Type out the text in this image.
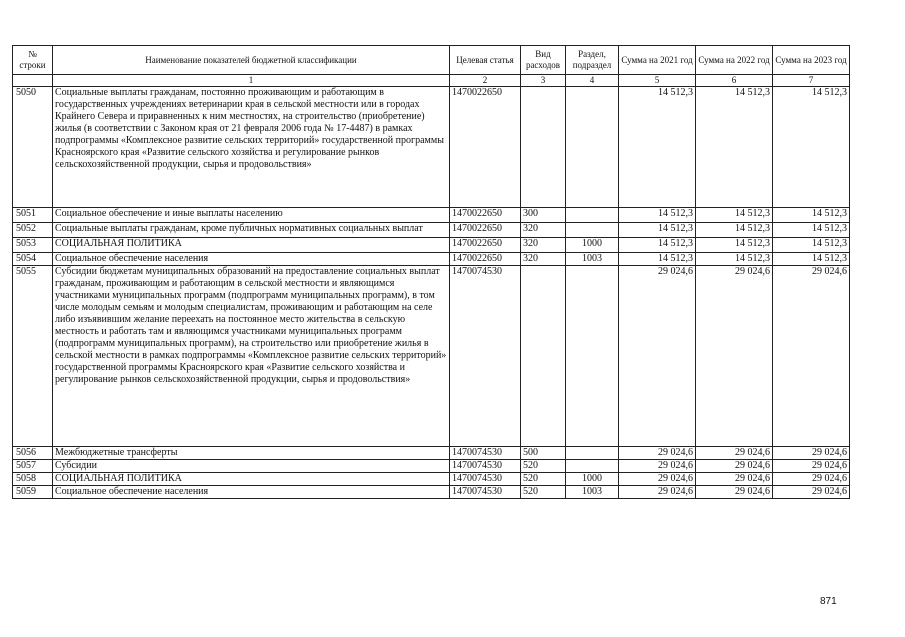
№ строки	Наименование показателей бюджетной классификации	Целевая статья	Вид расходов	Раздел, подраздел	Сумма на 2021 год	Сумма на 2022 год	Сумма на 2023 год
	1	2	3	4	5	6	7
5050	Социальные выплаты гражданам, постоянно проживающим и работающим в государственных учреждениях ветеринарии края в сельской местности или в городах Крайнего Севера и приравненных к ним местностях, на строительство (приобретение) жилья (в соответствии с Законом края от 21 февраля 2006 года № 17-4487) в рамках подпрограммы «Комплексное развитие сельских территорий» государственной программы Красноярского края «Развитие сельского хозяйства и регулирование рынков сельскохозяйственной продукции, сырья и продовольствия»	1470022650			14 512,3	14 512,3	14 512,3
5051	Социальное обеспечение и иные выплаты населению	1470022650	300		14 512,3	14 512,3	14 512,3
5052	Социальные выплаты гражданам, кроме публичных нормативных социальных выплат	1470022650	320		14 512,3	14 512,3	14 512,3
5053	СОЦИАЛЬНАЯ ПОЛИТИКА	1470022650	320	1000	14 512,3	14 512,3	14 512,3
5054	Социальное обеспечение населения	1470022650	320	1003	14 512,3	14 512,3	14 512,3
5055	Субсидии бюджетам муниципальных образований на предоставление социальных выплат гражданам, проживающим и работающим в сельской местности и являющимся участниками муниципальных программ (подпрограмм муниципальных программ), в том числе молодым семьям и молодым специалистам, проживающим и работающим на селе либо изъявившим желание переехать на постоянное место жительства в сельскую местность и работать там и являющимся участниками муниципальных программ (подпрограмм муниципальных программ), на строительство или приобретение жилья в сельской местности в рамках подпрограммы «Комплексное развитие сельских территорий» государственной программы Красноярского края «Развитие сельского хозяйства и регулирование рынков сельскохозяйственной продукции, сырья и продовольствия»	1470074530			29 024,6	29 024,6	29 024,6
5056	Межбюджетные трансферты	1470074530	500		29 024,6	29 024,6	29 024,6
5057	Субсидии	1470074530	520		29 024,6	29 024,6	29 024,6
5058	СОЦИАЛЬНАЯ ПОЛИТИКА	1470074530	520	1000	29 024,6	29 024,6	29 024,6
5059	Социальное обеспечение населения	1470074530	520	1003	29 024,6	29 024,6	29 024,6
871
